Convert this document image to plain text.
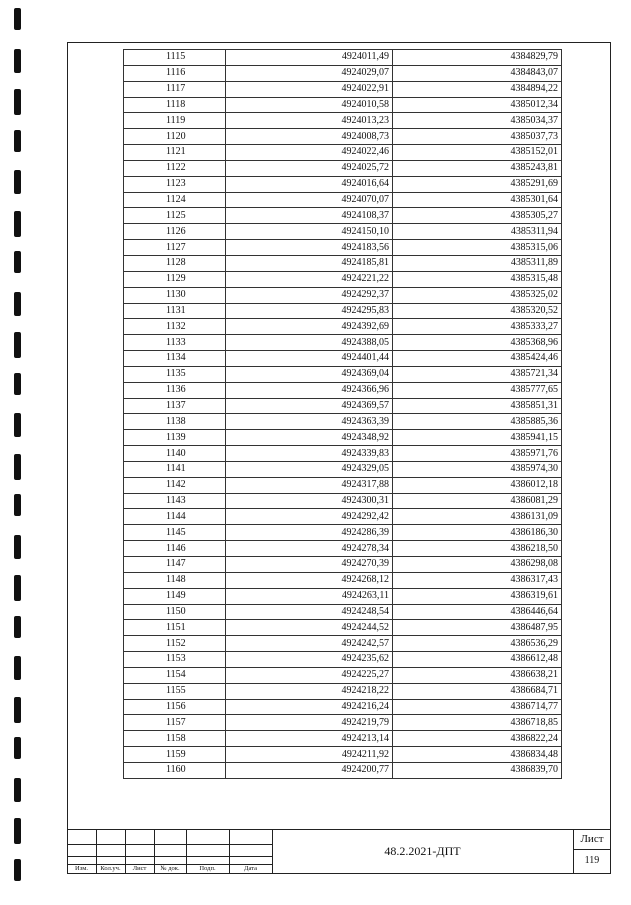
1115	4924011,49	4384829,79
1116	4924029,07	4384843,07
1117	4924022,91	4384894,22
1118	4924010,58	4385012,34
1119	4924013,23	4385034,37
1120	4924008,73	4385037,73
1121	4924022,46	4385152,01
1122	4924025,72	4385243,81
1123	4924016,64	4385291,69
1124	4924070,07	4385301,64
1125	4924108,37	4385305,27
1126	4924150,10	4385311,94
1127	4924183,56	4385315,06
1128	4924185,81	4385311,89
1129	4924221,22	4385315,48
1130	4924292,37	4385325,02
1131	4924295,83	4385320,52
1132	4924392,69	4385333,27
1133	4924388,05	4385368,96
1134	4924401,44	4385424,46
1135	4924369,04	4385721,34
1136	4924366,96	4385777,65
1137	4924369,57	4385851,31
1138	4924363,39	4385885,36
1139	4924348,92	4385941,15
1140	4924339,83	4385971,76
1141	4924329,05	4385974,30
1142	4924317,88	4386012,18
1143	4924300,31	4386081,29
1144	4924292,42	4386131,09
1145	4924286,39	4386186,30
1146	4924278,34	4386218,50
1147	4924270,39	4386298,08
1148	4924268,12	4386317,43
1149	4924263,11	4386319,61
1150	4924248,54	4386446,64
1151	4924244,52	4386487,95
1152	4924242,57	4386536,29
1153	4924235,62	4386612,48
1154	4924225,27	4386638,21
1155	4924218,22	4386684,71
1156	4924216,24	4386714,77
1157	4924219,79	4386718,85
1158	4924213,14	4386822,24
1159	4924211,92	4386834,48
1160	4924200,77	4386839,70
Изм.	Кол.уч.	Лист	№ док.	Подп.	Дата
48.2.2021-ДПТ
Лист
119
